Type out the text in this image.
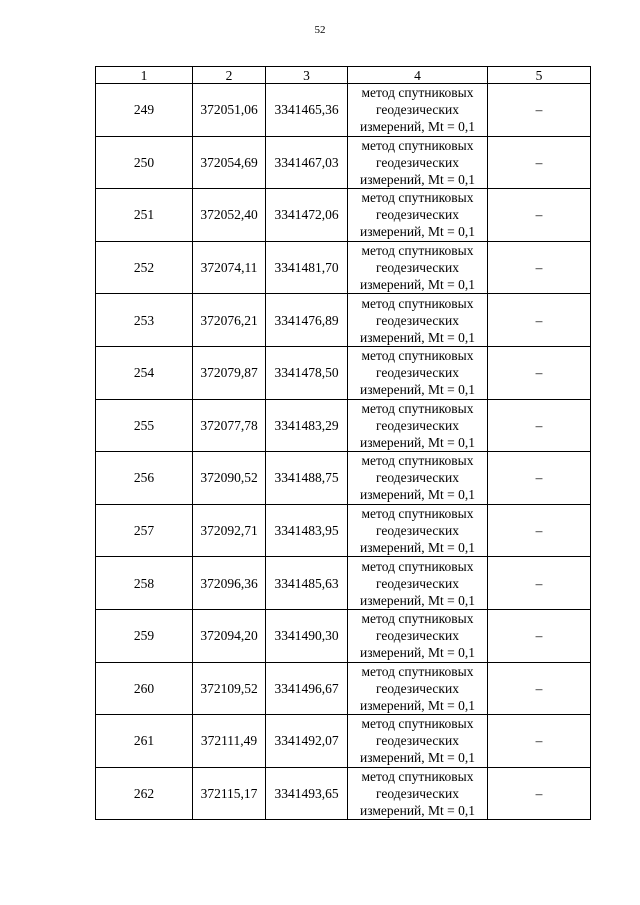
52
1	2	3	4	5
249	372051,06	3341465,36	метод спутниковых
геодезических
измерений, Mt = 0,1	–
250	372054,69	3341467,03	метод спутниковых
геодезических
измерений, Mt = 0,1	–
251	372052,40	3341472,06	метод спутниковых
геодезических
измерений, Mt = 0,1	–
252	372074,11	3341481,70	метод спутниковых
геодезических
измерений, Mt = 0,1	–
253	372076,21	3341476,89	метод спутниковых
геодезических
измерений, Mt = 0,1	–
254	372079,87	3341478,50	метод спутниковых
геодезических
измерений, Mt = 0,1	–
255	372077,78	3341483,29	метод спутниковых
геодезических
измерений, Mt = 0,1	–
256	372090,52	3341488,75	метод спутниковых
геодезических
измерений, Mt = 0,1	–
257	372092,71	3341483,95	метод спутниковых
геодезических
измерений, Mt = 0,1	–
258	372096,36	3341485,63	метод спутниковых
геодезических
измерений, Mt = 0,1	–
259	372094,20	3341490,30	метод спутниковых
геодезических
измерений, Mt = 0,1	–
260	372109,52	3341496,67	метод спутниковых
геодезических
измерений, Mt = 0,1	–
261	372111,49	3341492,07	метод спутниковых
геодезических
измерений, Mt = 0,1	–
262	372115,17	3341493,65	метод спутниковых
геодезических
измерений, Mt = 0,1	–
